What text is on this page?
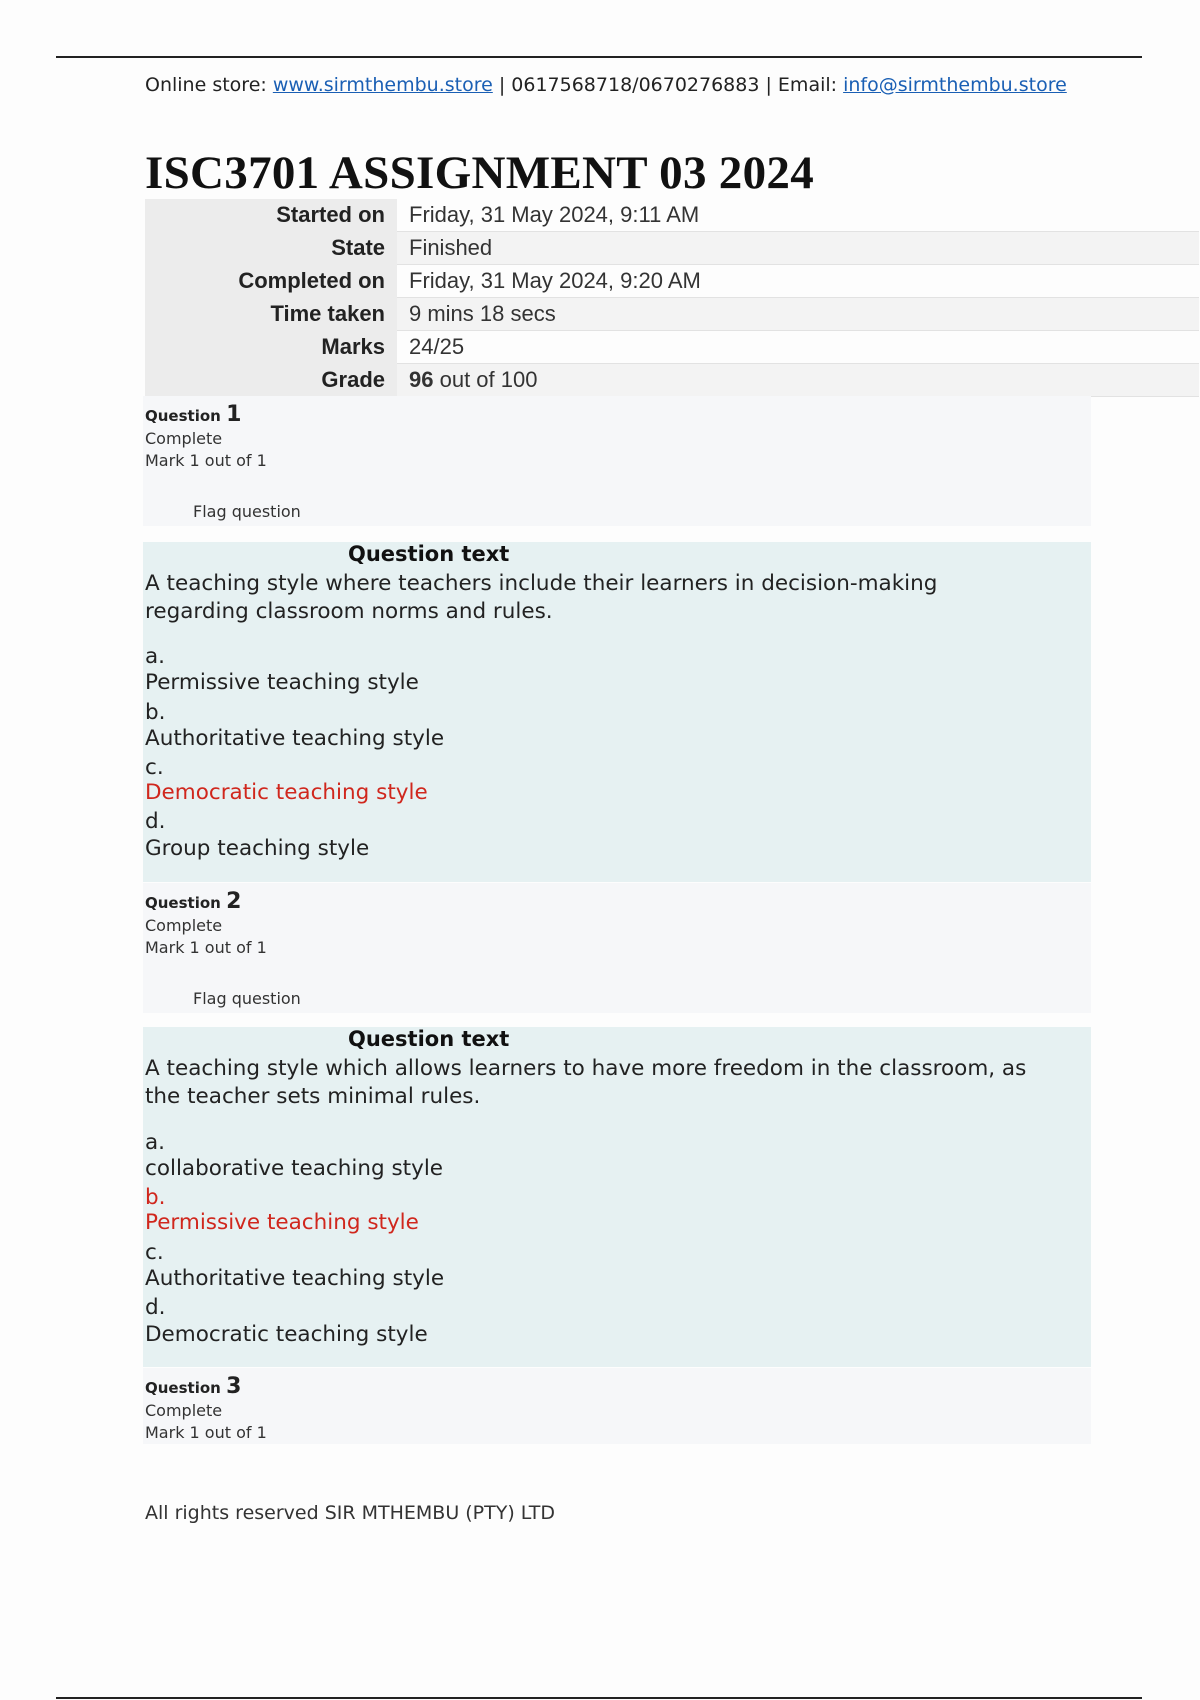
Online store: www.sirmthembu.store | 0617568718/0670276883 | Email: info@sirmthembu.store
ISC3701 ASSIGNMENT 03 2024
Started on	Friday, 31 May 2024, 9:11 AM
State	Finished
Completed on	Friday, 31 May 2024, 9:20 AM
Time taken	9 mins 18 secs
Marks	24/25
Grade	96 out of 100
Question 1
Complete
Mark 1 out of 1
Flag question
Question text

A teaching style where teachers include their learners in decision-making regarding classroom norms and rules.

a.
Permissive teaching style
b.
Authoritative teaching style
c.
Democratic teaching style
d.
Group teaching style
Question 2
Complete
Mark 1 out of 1
Flag question
Question text

A teaching style which allows learners to have more freedom in the classroom, as the teacher sets minimal rules.

a.
collaborative teaching style
b.
Permissive teaching style
c.
Authoritative teaching style
d.
Democratic teaching style
Question 3
Complete
Mark 1 out of 1
All rights reserved SIR MTHEMBU (PTY) LTD
